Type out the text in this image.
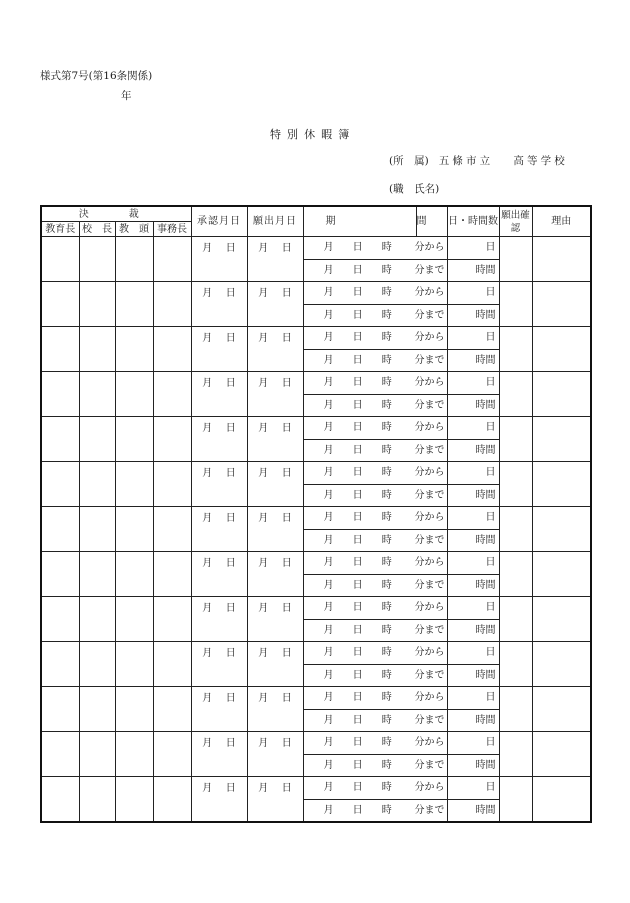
様式第7号(第16条関係)
年
特別休暇簿
(所　属) 五條市立 高等学校
(職　氏名)
決　裁				承認月日	願出月日	期	間	日・時間数	願出確認	理由
教育長	校　長	教　頭	事務長							

				月 日	月 日	月 日 時 分から		日		

						月 日 時 分まで		時間		

				月 日	月 日	月 日 時 分から		日		

						月 日 時 分まで		時間		

				月 日	月 日	月 日 時 分から		日		

						月 日 時 分まで		時間		

				月 日	月 日	月 日 時 分から		日		

						月 日 時 分まで		時間		

				月 日	月 日	月 日 時 分から		日		

						月 日 時 分まで		時間		

				月 日	月 日	月 日 時 分から		日		

						月 日 時 分まで		時間		

				月 日	月 日	月 日 時 分から		日		

						月 日 時 分まで		時間		

				月 日	月 日	月 日 時 分から		日		

						月 日 時 分まで		時間		

				月 日	月 日	月 日 時 分から		日		

						月 日 時 分まで		時間		

				月 日	月 日	月 日 時 分から		日		

						月 日 時 分まで		時間		

				月 日	月 日	月 日 時 分から		日		

						月 日 時 分まで		時間		

				月 日	月 日	月 日 時 分から		日		

						月 日 時 分まで		時間		

				月 日	月 日	月 日 時 分から		日		

						月 日 時 分まで		時間		
